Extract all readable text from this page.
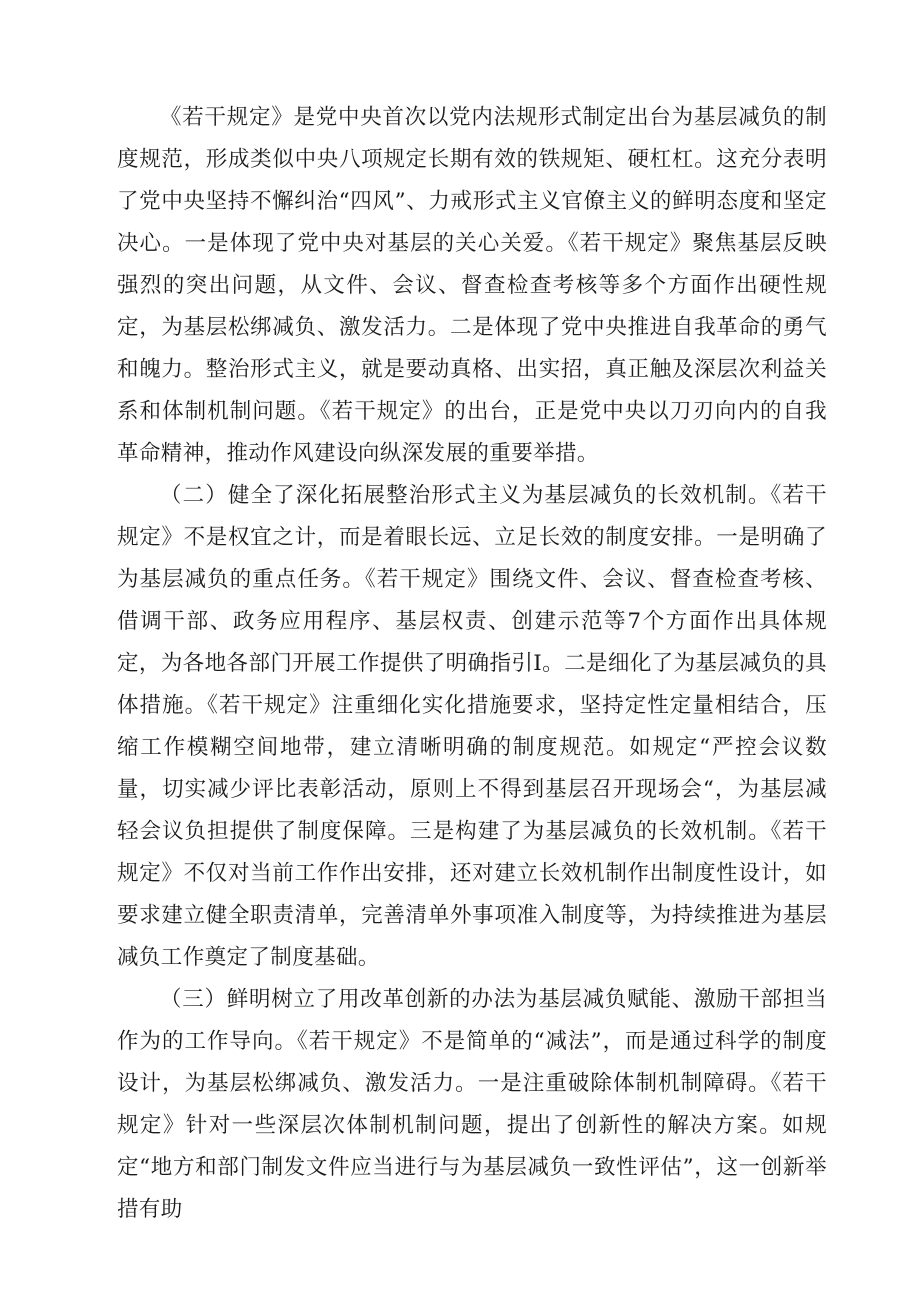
《若干规定》是党中央首次以党内法规形式制定出台为基层减负的制度规范，形成类似中央八项规定长期有效的铁规矩、硬杠杠。这充分表明了党中央坚持不懈纠治“四风”、力戒形式主义官僚主义的鲜明态度和坚定决心。一是体现了党中央对基层的关心关爱。《若干规定》聚焦基层反映强烈的突出问题，从文件、会议、督查检查考核等多个方面作出硬性规定，为基层松绑减负、激发活力。二是体现了党中央推进自我革命的勇气和魄力。整治形式主义，就是要动真格、出实招，真正触及深层次利益关系和体制机制问题。《若干规定》的出台，正是党中央以刀刃向内的自我革命精神，推动作风建设向纵深发展的重要举措。

（二）健全了深化拓展整治形式主义为基层减负的长效机制。《若干规定》不是权宜之计，而是着眼长远、立足长效的制度安排。一是明确了为基层减负的重点任务。《若干规定》围绕文件、会议、督查检查考核、借调干部、政务应用程序、基层权责、创建示范等7个方面作出具体规定，为各地各部门开展工作提供了明确指引I。二是细化了为基层减负的具体措施。《若干规定》注重细化实化措施要求，坚持定性定量相结合，压缩工作模糊空间地带，建立清晰明确的制度规范。如规定“严控会议数量，切实减少评比表彰活动，原则上不得到基层召开现场会“，为基层减轻会议负担提供了制度保障。三是构建了为基层减负的长效机制。《若干规定》不仅对当前工作作出安排，还对建立长效机制作出制度性设计，如要求建立健全职责清单，完善清单外事项准入制度等，为持续推进为基层减负工作奠定了制度基础。

（三）鲜明树立了用改革创新的办法为基层减负赋能、激励干部担当作为的工作导向。《若干规定》不是简单的“减法”，而是通过科学的制度设计，为基层松绑减负、激发活力。一是注重破除体制机制障碍。《若干规定》针对一些深层次体制机制问题，提出了创新性的解决方案。如规定“地方和部门制发文件应当进行与为基层减负一致性评估”，这一创新举措有助
